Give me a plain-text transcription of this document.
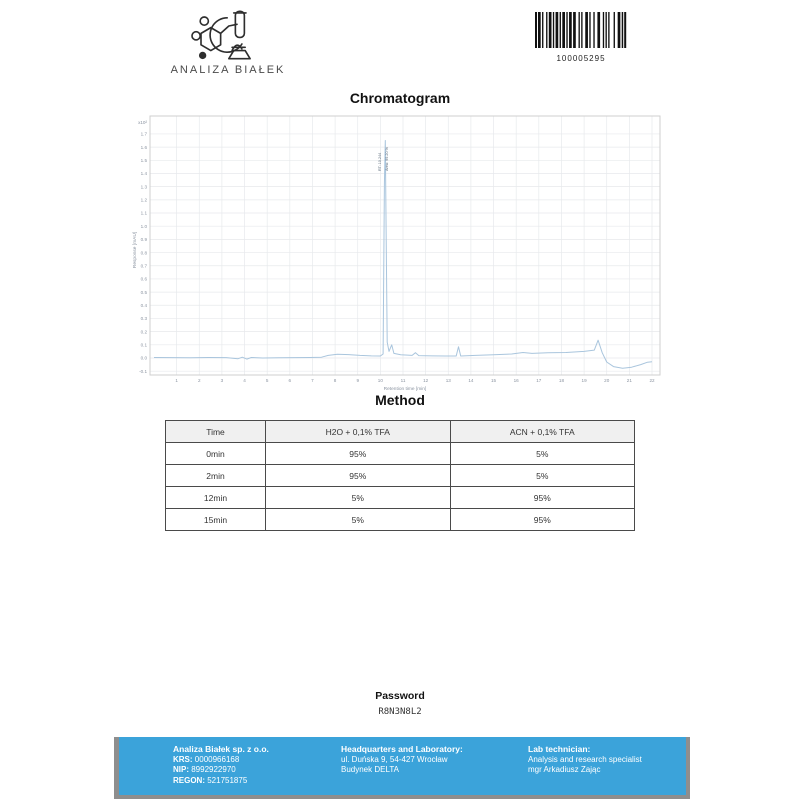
ANALIZA BIAŁEK
100005295
Chromatogram
1	2	3	4	5	6	7	8	9	10	11	12	13	14	15	16	17	18	19	20	21	22
-0.1
0.0
0.1
0.2
0.3
0.4
0.5
0.6
0.7
0.8
0.9
1.0
1.1
1.2
1.3
1.4
1.5
1.6
1.7
x10²
Retention time [min]
Response [mAU]
RT: 10.244 Area: 99.20 %
Method
Time	H2O + 0,1% TFA	ACN + 0,1% TFA
0min	95%	5%
2min	95%	5%
12min	5%	95%
15min	5%	95%
Password
R8N3N8L2
Analiza Białek sp. z o.o.
KRS: 0000966168
NIP: 8992922970
REGON: 521751875
Headquarters and Laboratory:
ul. Duńska 9, 54-427 Wrocław
Budynek DELTA
Lab technician:
Analysis and research specialist
mgr Arkadiusz Zając
